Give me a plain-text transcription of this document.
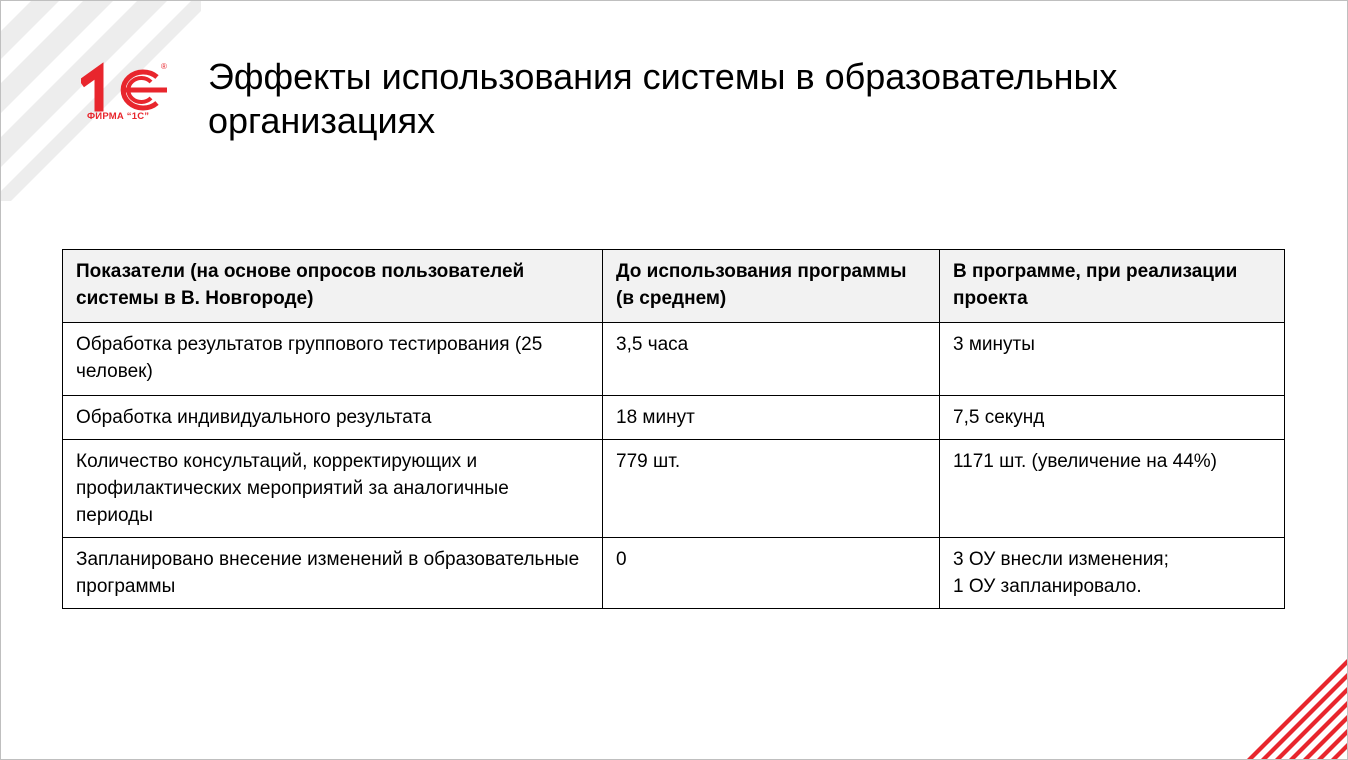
®
ФИРМА “1С”
Эффекты использования системы в образовательных организациях
Показатели (на основе опросов пользователей системы в В. Новгороде)	До использования программы (в среднем)	В программе, при реализации проекта
Обработка результатов группового тестирования (25 человек)	3,5 часа	3 минуты
Обработка индивидуального результата	18 минут	7,5 секунд
Количество консультаций, корректирующих и профилактических мероприятий за аналогичные периоды	779 шт.	1171 шт. (увеличение на 44%)
Запланировано внесение изменений в образовательные программы	0	3 ОУ внесли изменения;
1 ОУ запланировало.
